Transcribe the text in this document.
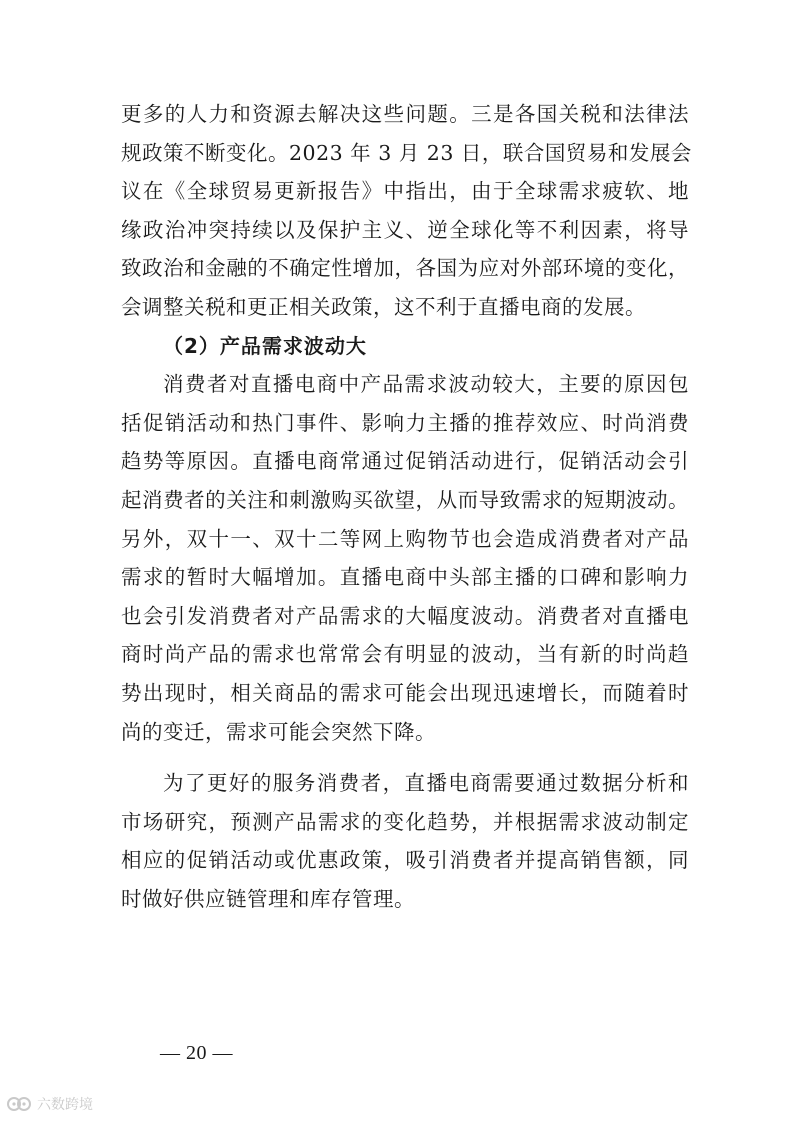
更多的人力和资源去解决这些问题。三是各国关税和法律法
规政策不断变化。2023 年 3 月 23 日，联合国贸易和发展会
议在《全球贸易更新报告》中指出，由于全球需求疲软、地
缘政治冲突持续以及保护主义、逆全球化等不利因素，将导
致政治和金融的不确定性增加，各国为应对外部环境的变化，
会调整关税和更正相关政策，这不利于直播电商的发展。
（2）产品需求波动大
消费者对直播电商中产品需求波动较大，主要的原因包
括促销活动和热门事件、影响力主播的推荐效应、时尚消费
趋势等原因。直播电商常通过促销活动进行，促销活动会引
起消费者的关注和刺激购买欲望，从而导致需求的短期波动。
另外，双十一、双十二等网上购物节也会造成消费者对产品
需求的暂时大幅增加。直播电商中头部主播的口碑和影响力
也会引发消费者对产品需求的大幅度波动。消费者对直播电
商时尚产品的需求也常常会有明显的波动，当有新的时尚趋
势出现时，相关商品的需求可能会出现迅速增长，而随着时
尚的变迁，需求可能会突然下降。
为了更好的服务消费者，直播电商需要通过数据分析和
市场研究，预测产品需求的变化趋势，并根据需求波动制定
相应的促销活动或优惠政策，吸引消费者并提高销售额，同
时做好供应链管理和库存管理。
— 20 —
六数跨境
